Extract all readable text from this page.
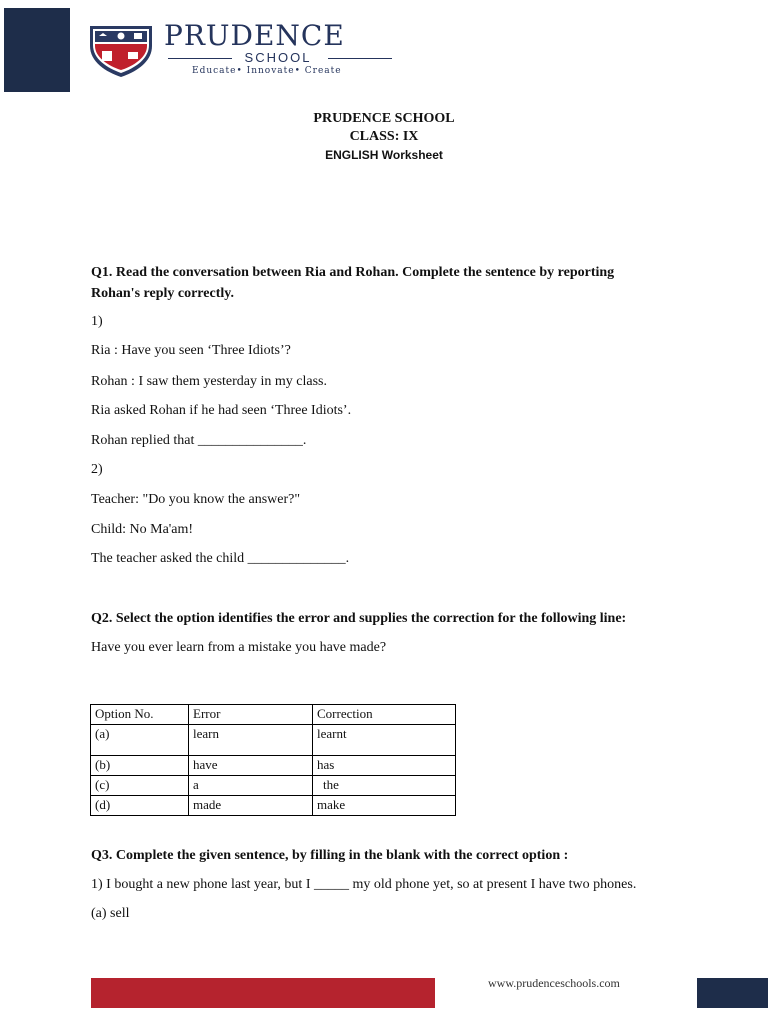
PRUDENCE
SCHOOL
Educate• Innovate• Create
PRUDENCE SCHOOL
CLASS: IX
ENGLISH Worksheet
Q1. Read the conversation between Ria and Rohan. Complete the sentence by reporting
Rohan's reply correctly.
1)
Ria : Have you seen ‘Three Idiots’?
Rohan : I saw them yesterday in my class.
Ria asked Rohan if he had seen ‘Three Idiots’.
Rohan replied that _______________.
2)
Teacher: "Do you know the answer?"
Child: No Ma'am!
The teacher asked the child ______________.
Q2. Select the option identifies the error and supplies the correction for the following line:
Have you ever learn from a mistake you have made?
Option No.	Error	Correction
(a)	learn	learnt
(b)	have	has
(c)	a	the
(d)	made	make
Q3. Complete the given sentence, by filling in the blank with the correct option :
1) I bought a new phone last year, but I _____ my old phone yet, so at present I have two phones.
(a) sell
www.prudenceschools.com
